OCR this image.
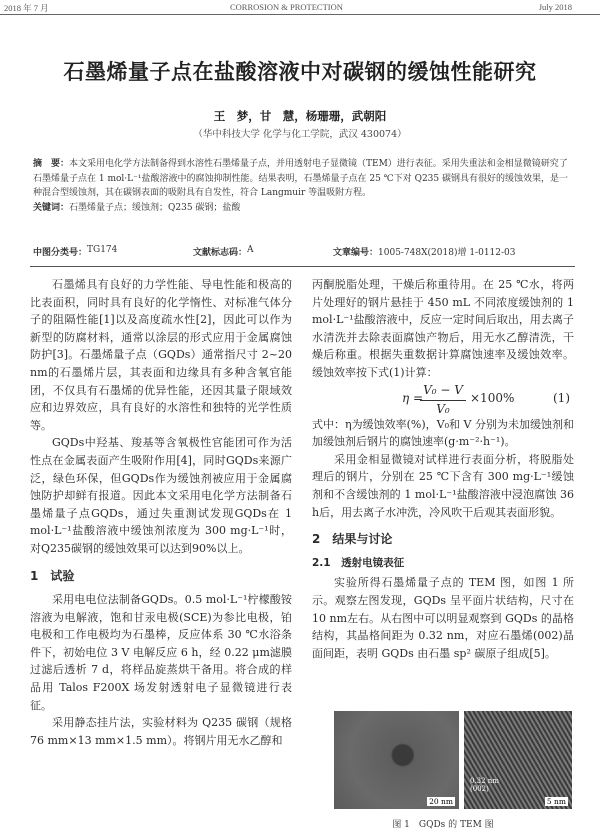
2018 年 7 月	CORROSION & PROTECTION	July 2018
石墨烯量子点在盐酸溶液中对碳钢的缓蚀性能研究
王　梦，甘　慧，杨珊珊，武朝阳
（华中科技大学 化学与化工学院，武汉 430074）
摘　要：本文采用电化学方法制备得到水溶性石墨烯量子点，并用透射电子显微镜（TEM）进行表征。采用失重法和金相显微镜研究了石墨烯量子点在 1 mol·L⁻¹盐酸溶液中的腐蚀抑制性能。结果表明，石墨烯量子点在 25 ℃下对 Q235 碳钢具有很好的缓蚀效果，是一种混合型缓蚀剂，其在碳钢表面的吸附具有自发性，符合 Langmuir 等温吸附方程。
关键词：石墨烯量子点；缓蚀剂；Q235 碳钢；盐酸
中图分类号： TG174	文献标志码： A	文章编号： 1005-748X(2018)增 1-0112-03

石墨烯具有良好的力学性能、导电性能和极高的比表面积，同时具有良好的化学惰性、对标准气体分子的阻隔性能[1]以及高度疏水性[2]，因此可以作为新型的防腐材料，通常以涂层的形式应用于金属腐蚀防护[3]。石墨烯量子点（GQDs）通常指尺寸 2~20 nm的石墨烯片层，其表面和边缘具有多种含氧官能团，不仅具有石墨烯的优异性能，还因其量子限域效应和边界效应，具有良好的水溶性和独特的光学性质等。

GQDs中羟基、羧基等含氧极性官能团可作为活性点在金属表面产生吸附作用[4]，同时GQDs来源广泛，绿色环保，但GQDs作为缓蚀剂被应用于金属腐蚀防护却鲜有报道。因此本文采用电化学方法制备石墨烯量子点GQDs，通过失重测试发现GQDs在 1 mol·L⁻¹盐酸溶液中缓蚀剂浓度为 300 mg·L⁻¹时，对Q235碳钢的缓蚀效果可以达到90%以上。

1　试验

采用电电位法制备GQDs。0.5 mol·L⁻¹柠檬酸铵溶液为电解液，饱和甘汞电极(SCE)为参比电极，铂电极和工作电极均为石墨棒，反应体系 30 ℃水浴条件下，初始电位 3 V 电解反应 6 h，经 0.22 μm滤膜过滤后透析 7 d，将样品旋蒸烘干备用。将合成的样品用 Talos F200X 场发射透射电子显微镜进行表征。

采用静态挂片法，实验材料为 Q235 碳钢（规格76 mm×13 mm×1.5 mm）。将钢片用无水乙醇和

丙酮脱脂处理，干燥后称重待用。在 25 ℃水，将两片处理好的钢片悬挂于 450 mL 不同浓度缓蚀剂的 1 mol·L⁻¹盐酸溶液中，反应一定时间后取出，用去离子水清洗并去除表面腐蚀产物后，用无水乙醇清洗，干燥后称重。根据失重数据计算腐蚀速率及缓蚀效率。缓蚀效率按下式(1)计算：

η =
$\frac{\text{V₀ − V}}{\text{V₀}} \times 100\%$	(1)

式中：η为缓蚀效率(%)，V₀和 V 分别为未加缓蚀剂和加缓蚀剂后钢片的腐蚀速率(g·m⁻²·h⁻¹)。

采用金相显微镜对试样进行表面分析，将脱脂处理后的钢片，分别在 25 ℃下含有 300 mg·L⁻¹缓蚀剂和不含缓蚀剂的 1 mol·L⁻¹盐酸溶液中浸泡腐蚀 36 h后，用去离子水冲洗，冷风吹干后观其表面形貌。

2　结果与讨论

2.1　透射电镜表征

实验所得石墨烯量子点的 TEM 图，如图 1 所示。观察左图发现，GQDs 呈平面片状结构，尺寸在 10 nm左右。从右图中可以明显观察到 GQDs 的晶格结构，其晶格间距为 0.32 nm，对应石墨烯(002)晶面间距，表明 GQDs 由石墨 sp² 碳原子组成[5]。

20 nm
0.32 nm
(002)
5 nm
图 1　GQDs 的 TEM 图
